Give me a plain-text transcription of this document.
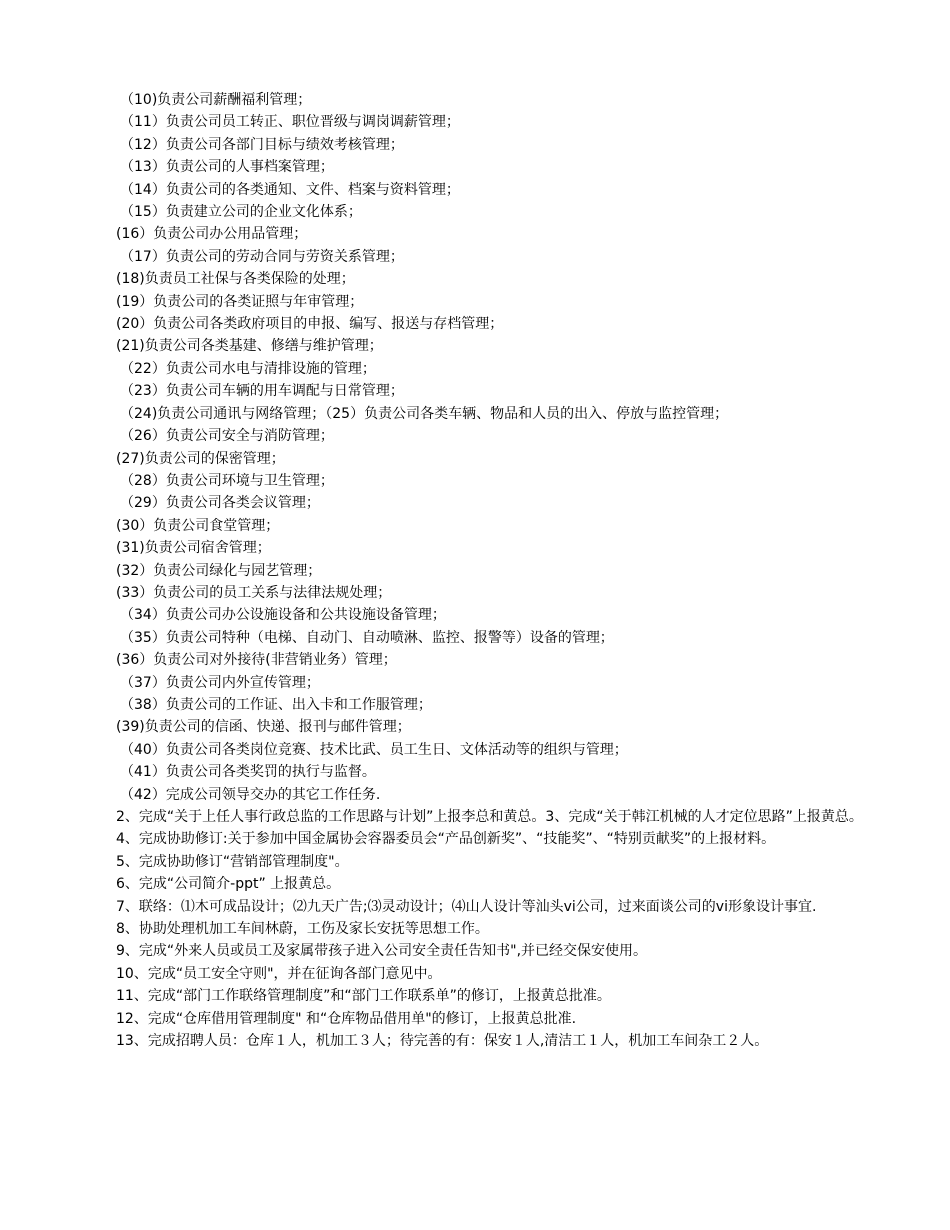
（10)负责公司薪酬福利管理；

（11）负责公司员工转正、职位晋级与调岗调薪管理；

（12）负责公司各部门目标与绩效考核管理；

（13）负责公司的人事档案管理；

（14）负责公司的各类通知、文件、档案与资料管理；

（15）负责建立公司的企业文化体系；

(16）负责公司办公用品管理；

（17）负责公司的劳动合同与劳资关系管理；

(18)负责员工社保与各类保险的处理；

(19）负责公司的各类证照与年审管理；

(20）负责公司各类政府项目的申报、编写、报送与存档管理；

(21)负责公司各类基建、修缮与维护管理；

（22）负责公司水电与清排设施的管理；

（23）负责公司车辆的用车调配与日常管理；

（24)负责公司通讯与网络管理；（25）负责公司各类车辆、物品和人员的出入、停放与监控管理；

（26）负责公司安全与消防管理；

(27)负责公司的保密管理；

（28）负责公司环境与卫生管理；

（29）负责公司各类会议管理；

(30）负责公司食堂管理；

(31)负责公司宿舍管理；

(32）负责公司绿化与园艺管理；

(33）负责公司的员工关系与法律法规处理；

（34）负责公司办公设施设备和公共设施设备管理；

（35）负责公司特种（电梯、自动门、自动喷淋、监控、报警等）设备的管理；

(36）负责公司对外接待(非营销业务）管理；

（37）负责公司内外宣传管理；

（38）负责公司的工作证、出入卡和工作服管理；

(39)负责公司的信函、快递、报刊与邮件管理；

（40）负责公司各类岗位竞赛、技术比武、员工生日、文体活动等的组织与管理；

（41）负责公司各类奖罚的执行与监督。

（42）完成公司领导交办的其它工作任务.

2、完成“关于上任人事行政总监的工作思路与计划”上报李总和黄总。3、完成“关于韩江机械的人才定位思路”上报黄总。

4、完成协助修订:关于参加中国金属协会容器委员会“产品创新奖”、“技能奖”、“特别贡献奖”的上报材料。

5、完成协助修订“营销部管理制度"。

6、完成“公司简介-ppt” 上报黄总。

7、联络：⑴木可成品设计；⑵九天广告;⑶灵动设计；⑷山人设计等汕头vi公司，过来面谈公司的vi形象设计事宜.

8、协助处理机加工车间林蔚，工伤及家长安抚等思想工作。

9、完成“外来人员或员工及家属带孩子进入公司安全责任告知书",并已经交保安使用。

10、完成“员工安全守则"，并在征询各部门意见中。

11、完成“部门工作联络管理制度”和“部门工作联系单”的修订，上报黄总批准。

12、完成“仓库借用管理制度" 和“仓库物品借用单"的修订，上报黄总批准.

13、完成招聘人员：仓库１人，机加工３人；待完善的有：保安１人,清洁工１人，机加工车间杂工２人。
